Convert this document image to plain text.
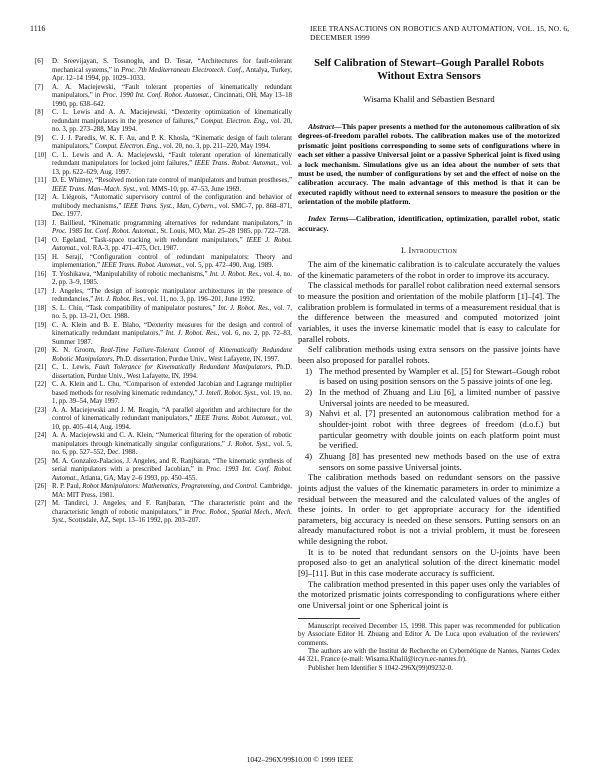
1116	IEEE TRANSACTIONS ON ROBOTICS AND AUTOMATION, VOL. 15, NO. 6, DECEMBER 1999

[6] D. Sreevijayan, S. Tosunoglu, and D. Tesar, “Architectures for fault-tolerant mechanical systems,” in Proc. 7th Mediterranean Electrotech. Conf., Antalya, Turkey, Apr. 12–14 1994, pp. 1029–1033.

[7] A. A. Maciejewski, “Fault tolerant properties of kinematically redundant manipulators,” in Proc. 1990 Int. Conf. Robot. Automat., Cincinnati, OH, May 13–18 1990, pp. 638–642.

[8] C. L. Lewis and A. A. Maciejewski, “Dexterity optimization of kinematically redundant manipulators in the presence of failures,” Comput. Electron. Eng., vol. 20, no. 3, pp. 273–288, May 1994.

[9] C. J. J. Paredis, W. K. F. Au, and P. K. Khosla, “Kinematic design of fault tolerant manipulators,” Comput. Electron. Eng., vol. 20, no. 3, pp. 211–220, May 1994.

[10] C. L. Lewis and A. A. Maciejewski, “Fault tolerant operation of kinematically redundant manipulators for locked joint failures,” IEEE Trans. Robot. Automat., vol. 13, pp. 622–629, Aug. 1997.

[11] D. E. Whitney, “Resolved motion rate control of manipulators and human prostheses,” IEEE Trans. Man–Mach. Syst., vol. MMS-10, pp. 47–53, June 1969.

[12] A. Liégeois, “Automatic supervisory control of the configuration and behavior of multibody mechanisms,” IEEE Trans. Syst., Man, Cybern., vol. SMC-7, pp. 868–871, Dec. 1977.

[13] J. Baillieul, “Kinematic programming alternatives for redundant manipulators,” in Proc. 1985 Int. Conf. Robot. Automat., St. Louis, MO, Mar. 25–28 1985, pp. 722–728.

[14] O. Egeland, “Task-space tracking with redundant manipulators,” IEEE J. Robot. Automat., vol. RA-3, pp. 471–475, Oct. 1987.

[15] H. Seraji, “Configuration control of redundant manipulators: Theory and implementation,” IEEE Trans. Robot. Automat., vol. 5, pp. 472–490, Aug. 1989.

[16] T. Yoshikawa, “Manipulability of robotic mechanisms,” Int. J. Robot. Res., vol. 4, no. 2, pp. 3–9, 1985.

[17] J. Angeles, “The design of isotropic manipulator architectures in the presence of redundancies,” Int. J. Robot. Res., vol. 11, no. 3, pp. 196–201, June 1992.

[18] S. L. Chiu, “Task compatibility of manipulator postures,” Int. J. Robot. Res., vol. 7, no. 5, pp. 13–21, Oct. 1988.

[19] C. A. Klein and B. E. Blaho, “Dexterity measures for the design and control of kinematically redundant manipulators,” Int. J. Robot. Res., vol. 6, no. 2, pp. 72–83, Summer 1987.

[20] K. N. Groom, Real-Time Failure-Tolerant Control of Kinematically Redundant Robotic Manipulators, Ph.D. dissertation, Purdue Univ., West Lafayette, IN, 1997.

[21] C. L. Lewis, Fault Tolerance for Kinematically Redundant Manipulators, Ph.D. dissertation, Purdue Univ., West Lafayette, IN, 1994.

[22] C. A. Klein and L. Chu, “Comparison of extended Jacobian and Lagrange multiplier based methods for resolving kinematic redundancy,” J. Intell. Robot. Syst., vol. 19, no. 1, pp. 39–54, May 1997.

[23] A. A. Maciejewski and J. M. Reagin, “A parallel algorithm and architecture for the control of kinematically redundant manipulators,” IEEE Trans. Robot. Automat., vol. 10, pp. 405–414, Aug. 1994.

[24] A. A. Maciejewski and C. A. Klein, “Numerical filtering for the operation of robotic manipulators through kinematically singular configurations,” J. Robot. Syst., vol. 5, no. 6, pp. 527–552, Dec. 1988.

[25] M. A. Gonzalez-Palacios, J. Angeles, and R. Ranjbaran, “The kinematic synthesis of serial manipulators with a prescribed Jacobian,” in Proc. 1993 Int. Conf. Robot. Automat., Atlanta, GA, May 2–6 1993, pp. 450–455.

[26] R. P. Paul, Robot Manipulators: Mathematics, Programming, and Control. Cambridge, MA: MIT Press, 1981.

[27] M. Tandirci, J. Angeles, and F. Ranjbaran, “The characteristic point and the characteristic length of robotic manipulators,” in Proc. Robot., Spatial Mech., Mech. Syst., Scottsdale, AZ, Sept. 13–16 1992, pp. 203–207.

Self Calibration of Stewart–Gough Parallel Robots Without Extra Sensors
Wisama Khalil and Sébastien Besnard

Abstract—This paper presents a method for the autonomous calibration of six degrees-of-freedom parallel robots. The calibration makes use of the motorized prismatic joint positions corresponding to some sets of configurations where in each set either a passive Universal joint or a passive Spherical joint is fixed using a lock mechanism. Simulations give us an idea about the number of sets that must be used, the number of configurations by set and the effect of noise on the calibration accuracy. The main advantage of this method is that it can be executed rapidly without need to external sensors to measure the position or the orientation of the mobile platform.

Index Terms—Calibration, identification, optimization, parallel robot, static accuracy.

I. Introduction

The aim of the kinematic calibration is to calculate accurately the values of the kinematic parameters of the robot in order to improve its accuracy.

The classical methods for parallel robot calibration need external sensors to measure the position and orientation of the mobile platform [1]–[4]. The calibration problem is formulated in terms of a measurement residual that is the difference between the measured and computed motorized joint variables, it uses the inverse kinematic model that is easy to calculate for parallel robots.

Self calibration methods using extra sensors on the passive joints have been also proposed for parallel robots.

1) The method presented by Wampler et al. [5] for Stewart–Gough robot is based on using position sensors on the 5 passive joints of one leg.
2) In the method of Zhuang and Liu [6], a limited number of passive Universal joints are needed to be measured.
3) Nahvi et al. [7] presented an autonomous calibration method for a shoulder-joint robot with three degrees of freedom (d.o.f.) but particular geometry with double joints on each platform point must be verified.
4) Zhuang [8] has presented new methods based on the use of extra sensors on some passive Universal joints.

The calibration methods based on redundant sensors on the passive joints adjust the values of the kinematic parameters in order to minimize a residual between the measured and the calculated values of the angles of these joints. In order to get appropriate accuracy for the identified parameters, big accuracy is needed on these sensors. Putting sensors on an already manufactured robot is not a trivial problem, it must be foreseen while designing the robot.

It is to be noted that redundant sensors on the U-joints have been proposed also to get an analytical solution of the direct kinematic model [9]–[11]. But in this case moderate accuracy is sufficient.

The calibration method presented in this paper uses only the variables of the motorized prismatic joints corresponding to configurations where either one Universal joint or one Spherical joint is

Manuscript received December 15, 1998. This paper was recommended for publication by Associate Editor H. Zhuang and Editor A. De Luca upon evaluation of the reviewers' comments.

The authors are with the Institut de Recherche en Cybernétique de Nantes, Nantes Cedex 44 321, France (e-mail: Wisama.Khalil@ircyn.ec-nantes.fr).

Publisher Item Identifier S 1042-296X(99)09232-0.

1042–296X/99$10.00 © 1999 IEEE
